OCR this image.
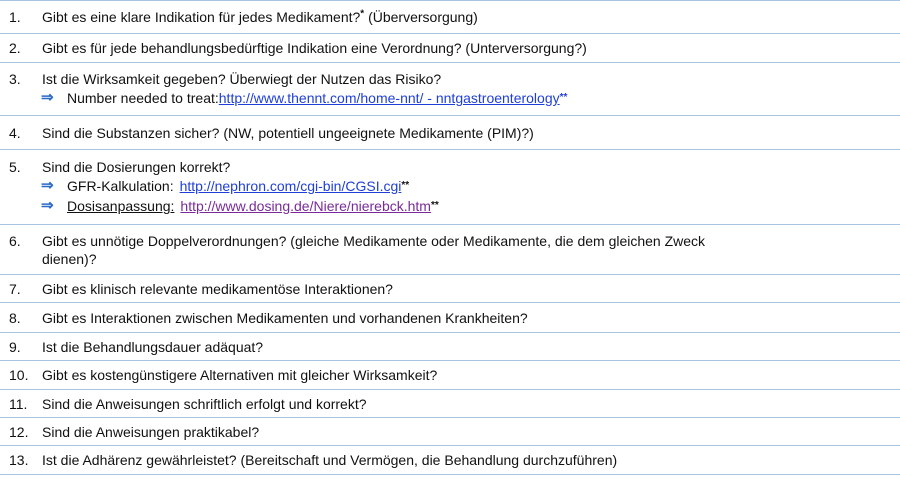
1.	Gibt es eine klare Indikation für jedes Medikament?* (Überversorgung)
2.	Gibt es für jede behandlungsbedürftige Indikation eine Verordnung? (Unterversorgung?)
3.	Ist die Wirksamkeit gegeben? Überwiegt der Nutzen das Risiko?
⇒ Number needed to treat: http://www.thennt.com/home-nnt/ - nntgastroenterology **
4.	Sind die Substanzen sicher? (NW, potentiell ungeeignete Medikamente (PIM)?)
5.	Sind die Dosierungen korrekt?
⇒ GFR-Kalkulation: http://nephron.com/cgi-bin/CGSI.cgi **
⇒ Dosisanpassung: http://www.dosing.de/Niere/nierebck.htm **
6.	Gibt es unnötige Doppelverordnungen? (gleiche Medikamente oder Medikamente, die dem gleichen Zweck
dienen)?
7.	Gibt es klinisch relevante medikamentöse Interaktionen?
8.	Gibt es Interaktionen zwischen Medikamenten und vorhandenen Krankheiten?
9.	Ist die Behandlungsdauer adäquat?
10. Gibt es kostengünstigere Alternativen mit gleicher Wirksamkeit?
11.	Sind die Anweisungen schriftlich erfolgt und korrekt?
12. Sind die Anweisungen praktikabel?
13. Ist die Adhärenz gewährleistet? (Bereitschaft und Vermögen, die Behandlung durchzuführen)
